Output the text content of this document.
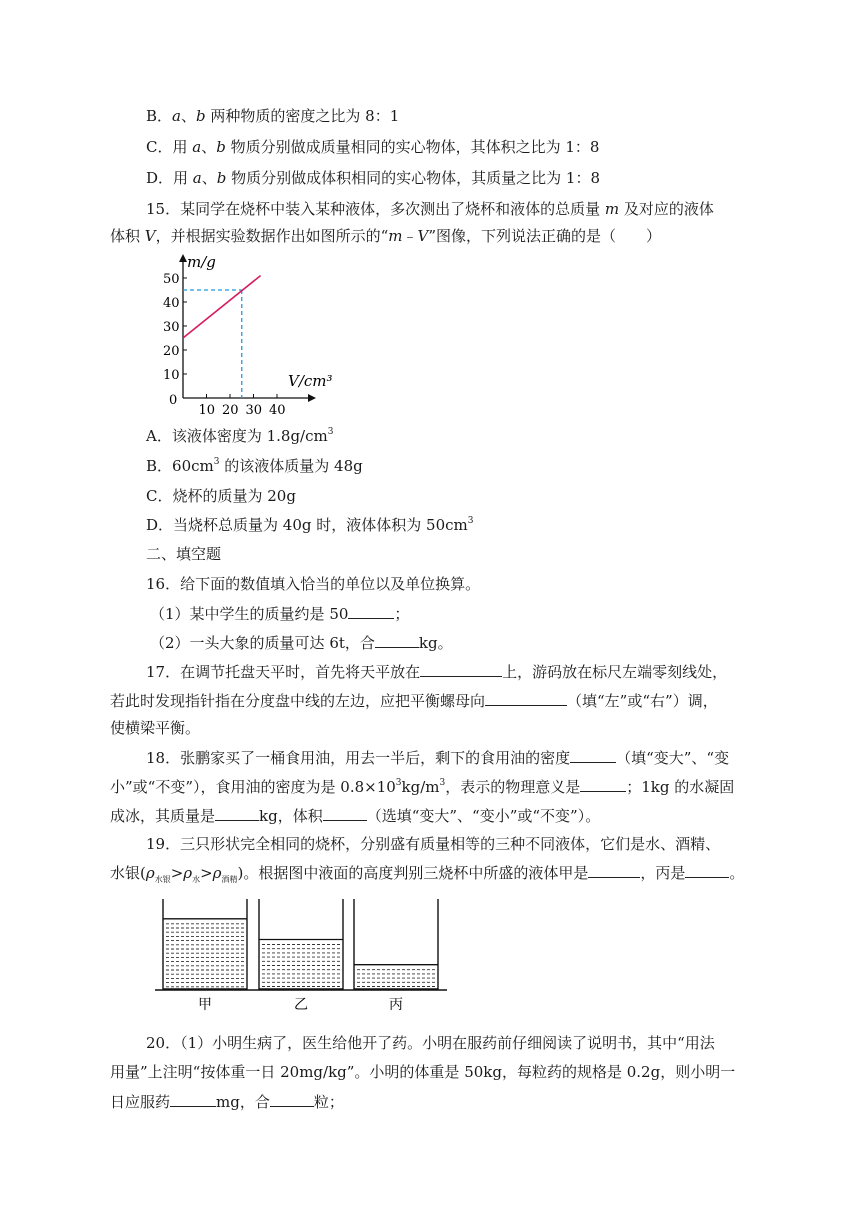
B．a、b 两种物质的密度之比为 8：1
C．用 a、b 物质分别做成质量相同的实心物体，其体积之比为 1：8
D．用 a、b 物质分别做成体积相同的实心物体，其质量之比为 1：8
15．某同学在烧杯中装入某种液体，多次测出了烧杯和液体的总质量 m 及对应的液体
体积 V，并根据实验数据作出如图所示的“m﹣V”图像，下列说法正确的是（　　）
0
10
20
30
40
50
10 20 30 40
m/g
V/cm³
A．该液体密度为 $1.8g/cm^3$
B．$60cm^3$ 的该液体质量为 48g
C．烧杯的质量为 20g
D．当烧杯总质量为 40g 时，液体体积为 $50cm^3$
二、填空题
16．给下面的数值填入恰当的单位以及单位换算。
（1）某中学生的质量约是 50	；
（2）一头大象的质量可达 6t，合	kg。
17．在调节托盘天平时，首先将天平放在	上，游码放在标尺左端零刻线处，
若此时发现指针指在分度盘中线的左边，应把平衡螺母向	（填“左”或“右”）调，
使横梁平衡。
18．张鹏家买了一桶食用油，用去一半后，剩下的食用油的密度	（填“变大”、“变
小”或“不变”），食用油的密度为是 $0.8\times 10^3kg/m^3$，表示的物理意义是	；1kg 的水凝固
成冰，其质量是	kg，体积	（选填“变大”、“变小”或“不变”）。
19．三只形状完全相同的烧杯，分别盛有质量相等的三种不同液体，它们是水、酒精、
水银$(\rho_{水银}>\rho_水>\rho_{酒精})$。根据图中液面的高度判别三烧杯中所盛的液体甲是	，丙是	。
甲	乙	丙
20．（1）小明生病了，医生给他开了药。小明在服药前仔细阅读了说明书，其中“用法
用量”上注明“按体重一日 20mg/kg”。小明的体重是 50kg，每粒药的规格是 0.2g，则小明一
日应服药	mg，合	粒；
